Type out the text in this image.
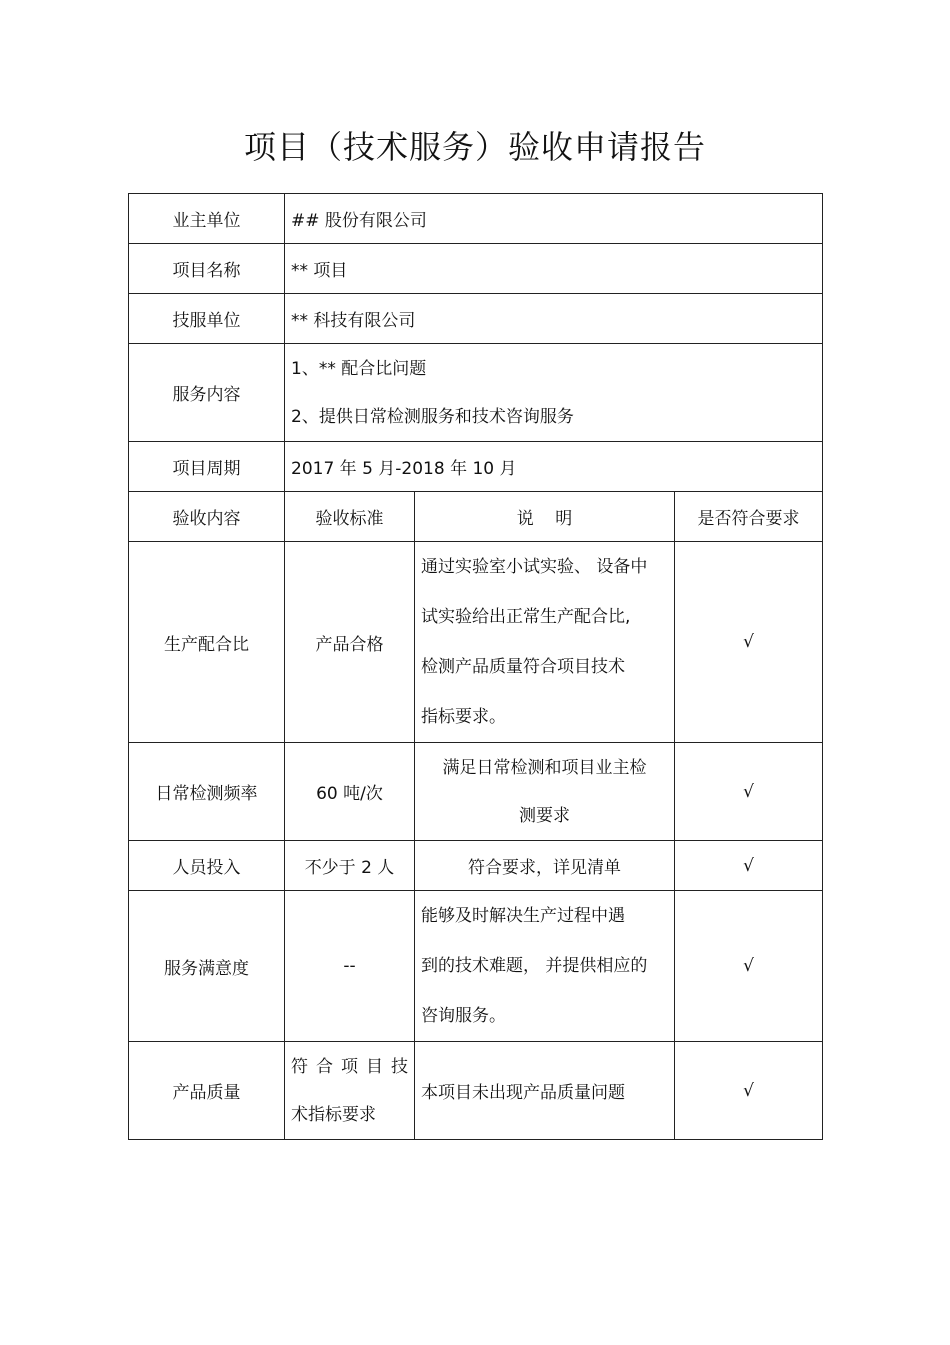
项目（技术服务）验收申请报告
业主单位	## 股份有限公司		
项目名称	** 项目		
技服单位	** 科技有限公司		
服务内容	1、** 配合比问题
2、提供日常检测服务和技术咨询服务		

项目周期	2017 年 5 月-2018 年 10 月		
验收内容	验收标准	说    明	是否符合要求
生产配合比	产品合格	通过实验室小试实验、 设备中
试实验给出正常生产配合比,
检测产品质量符合项目技术
指标要求。	√
日常检测频率	60 吨/次	满足日常检测和项目业主检
测要求	√
人员投入	不少于 2 人	符合要求，详见清单	√
服务满意度	--	能够及时解决生产过程中遇
到的技术难题， 并提供相应的
咨询服务。	√
产品质量	符合项目技
术指标要求	本项目未出现产品质量问题	√
